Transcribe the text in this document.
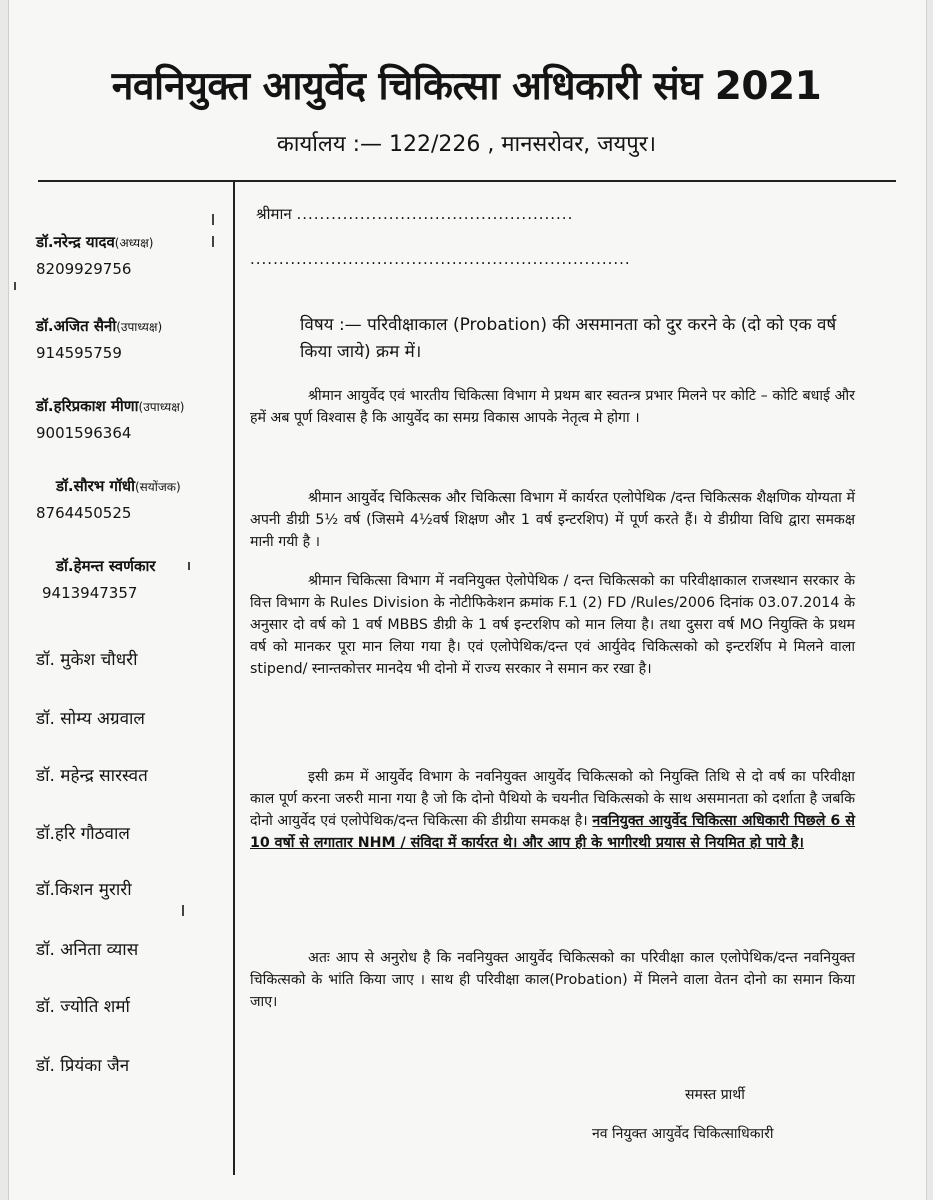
नवनियुक्त आयुर्वेद चिकित्सा अधिकारी संघ 2021
कार्यालय :— 122/226 , मानसरोवर, जयपुर।
डॉ.नरेन्द्र यादव(अध्यक्ष)
8209929756
डॉ.अजित सैनी(उपाध्यक्ष)
914595759
डॉ.हरिप्रकाश मीणा(उपाध्यक्ष)
9001596364
डॉ.सौरभ गॉधी(सयोंजक)
8764450525
डॉ.हेमन्त स्वर्णकार
9413947357
डॉ. मुकेश चौधरी
डॉ. सोम्य अग्रवाल
डॉ. महेन्द्र सारस्वत
डॉ.हरि गौठवाल
डॉ.किशन मुरारी
डॉ. अनिता व्यास
डॉ. ज्योति शर्मा
डॉ. प्रियंका जैन
श्रीमान ................................................
..................................................................
विषय :— परिवीक्षाकाल (Probation) की असमानता को दुर करने के (दो को एक वर्ष किया जाये) क्रम में।
श्रीमान आयुर्वेद एवं भारतीय चिकित्सा विभाग मे प्रथम बार स्वतन्त्र प्रभार मिलने पर कोटि – कोटि बधाई और हमें अब पूर्ण विश्वास है कि आयुर्वेद का समग्र विकास आपके नेतृत्व मे होगा ।
श्रीमान आयुर्वेद चिकित्सक और चिकित्सा विभाग में कार्यरत एलोपेथिक /दन्त चिकित्सक शैक्षणिक योग्यता में अपनी डीग्री 5½ वर्ष (जिसमे 4½वर्ष शिक्षण और 1 वर्ष इन्टरशिप) में पूर्ण करते हैं। ये डीग्रीया विधि द्वारा समकक्ष मानी गयी है ।
श्रीमान चिकित्सा विभाग में नवनियुक्त ऐलोपेथिक / दन्त चिकित्सको का परिवीक्षाकाल राजस्थान सरकार के वित्त विभाग के Rules Division के नोटीफिकेशन क्रमांक F.1 (2) FD /Rules/2006 दिनांक 03.07.2014 के अनुसार दो वर्ष को 1 वर्ष MBBS डीग्री के 1 वर्ष इन्टरशिप को मान लिया है। तथा दुसरा वर्ष MO नियुक्ति के प्रथम वर्ष को मानकर पूरा मान लिया गया है। एवं एलोपेथिक/दन्त एवं आर्युवेद चिकित्सको को इन्टरर्शिप मे मिलने वाला stipend/ स्नान्तकोत्तर मानदेय भी दोनो में राज्य सरकार ने समान कर रखा है।
इसी क्रम में आयुर्वेद विभाग के नवनियुक्त आयुर्वेद चिकित्सको को नियुक्ति तिथि से दो वर्ष का परिवीक्षा काल पूर्ण करना जरुरी माना गया है जो कि दोनो पैथियो के चयनीत चिकित्सको के साथ असमानता को दर्शाता है जबकि दोनो आयुर्वेद एवं एलोपेथिक/दन्त चिकित्सा की डीग्रीया समकक्ष है। नवनियुक्त आयुर्वेद चिकित्सा अधिकारी पिछले 6 से 10 वर्षो से लगातार NHM / संविदा में कार्यरत थे। और आप ही के भागीरथी प्रयास से नियमित हो पाये है।
अतः आप से अनुरोध है कि नवनियुक्त आयुर्वेद चिकित्सको का परिवीक्षा काल एलोपेथिक/दन्त नवनियुक्त चिकित्सको के भांति किया जाए । साथ ही परिवीक्षा काल(Probation) में मिलने वाला वेतन दोनो का समान किया जाए।
समस्त प्रार्थी
नव नियुक्त आयुर्वेद चिकित्साधिकारी
